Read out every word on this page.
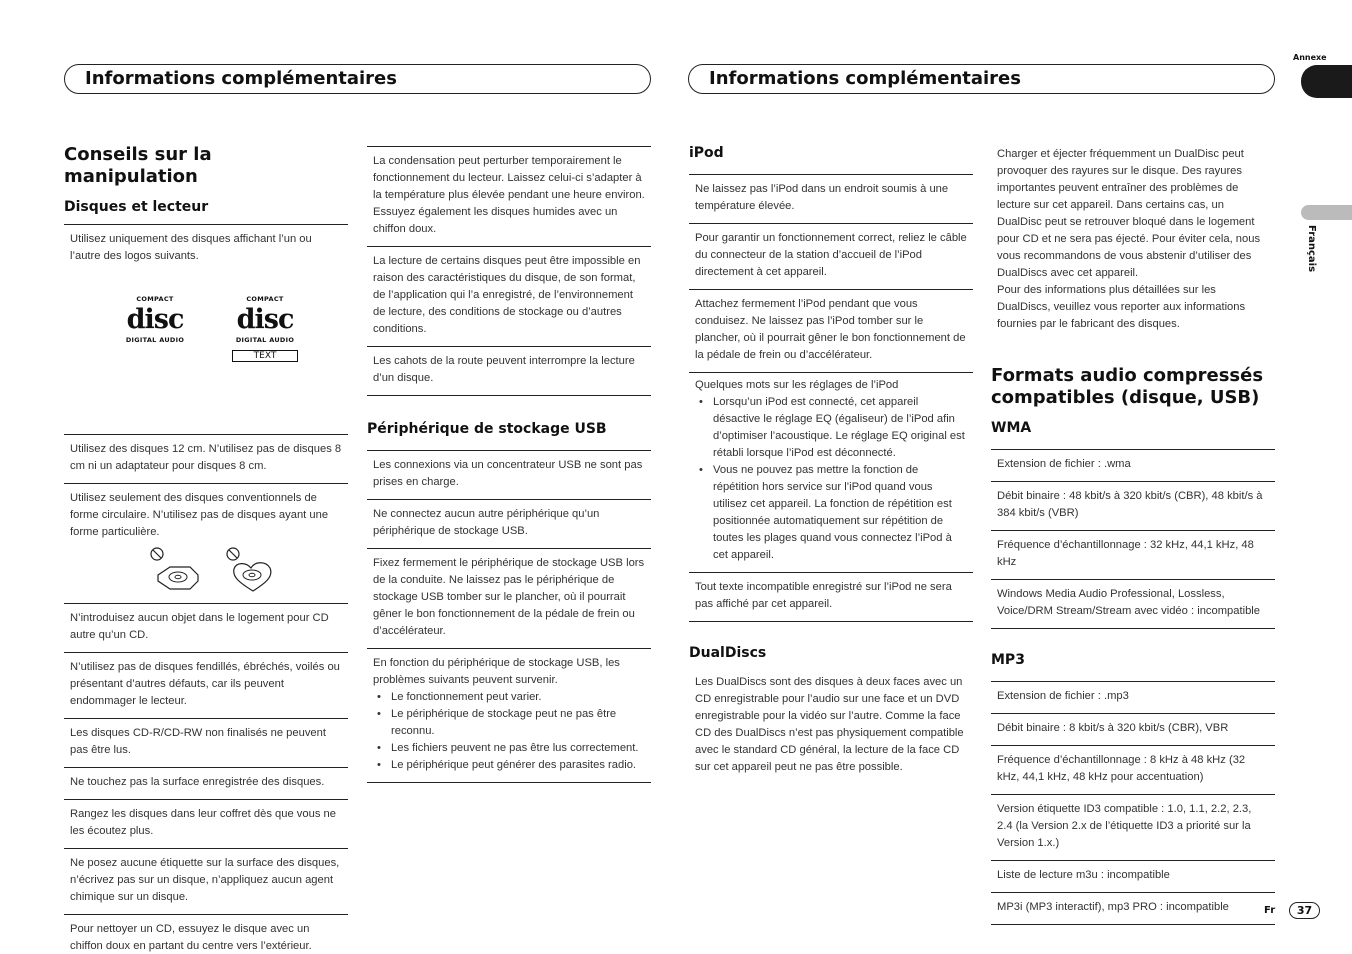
Informations complémentaires	Informations complémentaires
Annexe
Français
Conseils sur la manipulation
Disques et lecteur
Utilisez uniquement des disques affichant l’un ou l’autre des logos suivants.
COMPACT
disc
DIGITAL AUDIO
COMPACT
disc
DIGITAL AUDIO
TEXT
Utilisez des disques 12 cm. N’utilisez pas de disques 8 cm ni un adaptateur pour disques 8 cm.
Utilisez seulement des disques conventionnels de forme circulaire. N’utilisez pas de disques ayant une forme particulière.
N’introduisez aucun objet dans le logement pour CD autre qu’un CD.
N’utilisez pas de disques fendillés, ébréchés, voilés ou présentant d’autres défauts, car ils peuvent endommager le lecteur.
Les disques CD-R/CD-RW non finalisés ne peuvent pas être lus.
Ne touchez pas la surface enregistrée des disques.
Rangez les disques dans leur coffret dès que vous ne les écoutez plus.
Ne posez aucune étiquette sur la surface des disques, n’écrivez pas sur un disque, n’appliquez aucun agent chimique sur un disque.
Pour nettoyer un CD, essuyez le disque avec un chiffon doux en partant du centre vers l’extérieur.
La condensation peut perturber temporairement le fonctionnement du lecteur. Laissez celui-ci s’adapter à la température plus élevée pendant une heure environ. Essuyez également les disques humides avec un chiffon doux.
La lecture de certains disques peut être impossible en raison des caractéristiques du disque, de son format, de l’application qui l’a enregistré, de l’environnement de lecture, des conditions de stockage ou d’autres conditions.
Les cahots de la route peuvent interrompre la lecture d’un disque.
Périphérique de stockage USB
Les connexions via un concentrateur USB ne sont pas prises en charge.
Ne connectez aucun autre périphérique qu’un périphérique de stockage USB.
Fixez fermement le périphérique de stockage USB lors de la conduite. Ne laissez pas le périphérique de stockage USB tomber sur le plancher, où il pourrait gêner le bon fonctionnement de la pédale de frein ou d’accélérateur.
En fonction du périphérique de stockage USB, les problèmes suivants peuvent survenir.
• Le fonctionnement peut varier.
• Le périphérique de stockage peut ne pas être reconnu.
• Les fichiers peuvent ne pas être lus correctement.
• Le périphérique peut générer des parasites radio.
iPod
Ne laissez pas l’iPod dans un endroit soumis à une température élevée.
Pour garantir un fonctionnement correct, reliez le câble du connecteur de la station d’accueil de l’iPod directement à cet appareil.
Attachez fermement l’iPod pendant que vous conduisez. Ne laissez pas l’iPod tomber sur le plancher, où il pourrait gêner le bon fonctionnement de la pédale de frein ou d’accélérateur.
Quelques mots sur les réglages de l’iPod
• Lorsqu’un iPod est connecté, cet appareil désactive le réglage EQ (égaliseur) de l’iPod afin d’optimiser l’acoustique. Le réglage EQ original est rétabli lorsque l’iPod est déconnecté.
• Vous ne pouvez pas mettre la fonction de répétition hors service sur l’iPod quand vous utilisez cet appareil. La fonction de répétition est positionnée automatiquement sur répétition de toutes les plages quand vous connectez l’iPod à cet appareil.
Tout texte incompatible enregistré sur l’iPod ne sera pas affiché par cet appareil.
DualDiscs
Les DualDiscs sont des disques à deux faces avec un CD enregistrable pour l’audio sur une face et un DVD enregistrable pour la vidéo sur l’autre. Comme la face CD des DualDiscs n’est pas physiquement compatible avec le standard CD général, la lecture de la face CD sur cet appareil peut ne pas être possible.
Charger et éjecter fréquemment un DualDisc peut provoquer des rayures sur le disque. Des rayures importantes peuvent entraîner des problèmes de lecture sur cet appareil. Dans certains cas, un DualDisc peut se retrouver bloqué dans le logement pour CD et ne sera pas éjecté. Pour éviter cela, nous vous recommandons de vous abstenir d’utiliser des DualDiscs avec cet appareil.
Pour des informations plus détaillées sur les DualDiscs, veuillez vous reporter aux informations fournies par le fabricant des disques.
Formats audio compressés compatibles (disque, USB)
WMA
Extension de fichier : .wma
Débit binaire : 48 kbit/s à 320 kbit/s (CBR), 48 kbit/s à 384 kbit/s (VBR)
Fréquence d’échantillonnage : 32 kHz, 44,1 kHz, 48 kHz
Windows Media Audio Professional, Lossless, Voice/DRM Stream/Stream avec vidéo : incompatible
MP3
Extension de fichier : .mp3
Débit binaire : 8 kbit/s à 320 kbit/s (CBR), VBR
Fréquence d’échantillonnage : 8 kHz à 48 kHz (32 kHz, 44,1 kHz, 48 kHz pour accentuation)
Version étiquette ID3 compatible : 1.0, 1.1, 2.2, 2.3, 2.4 (la Version 2.x de l’étiquette ID3 a priorité sur la Version 1.x.)
Liste de lecture m3u : incompatible
MP3i (MP3 interactif), mp3 PRO : incompatible	Fr	37
